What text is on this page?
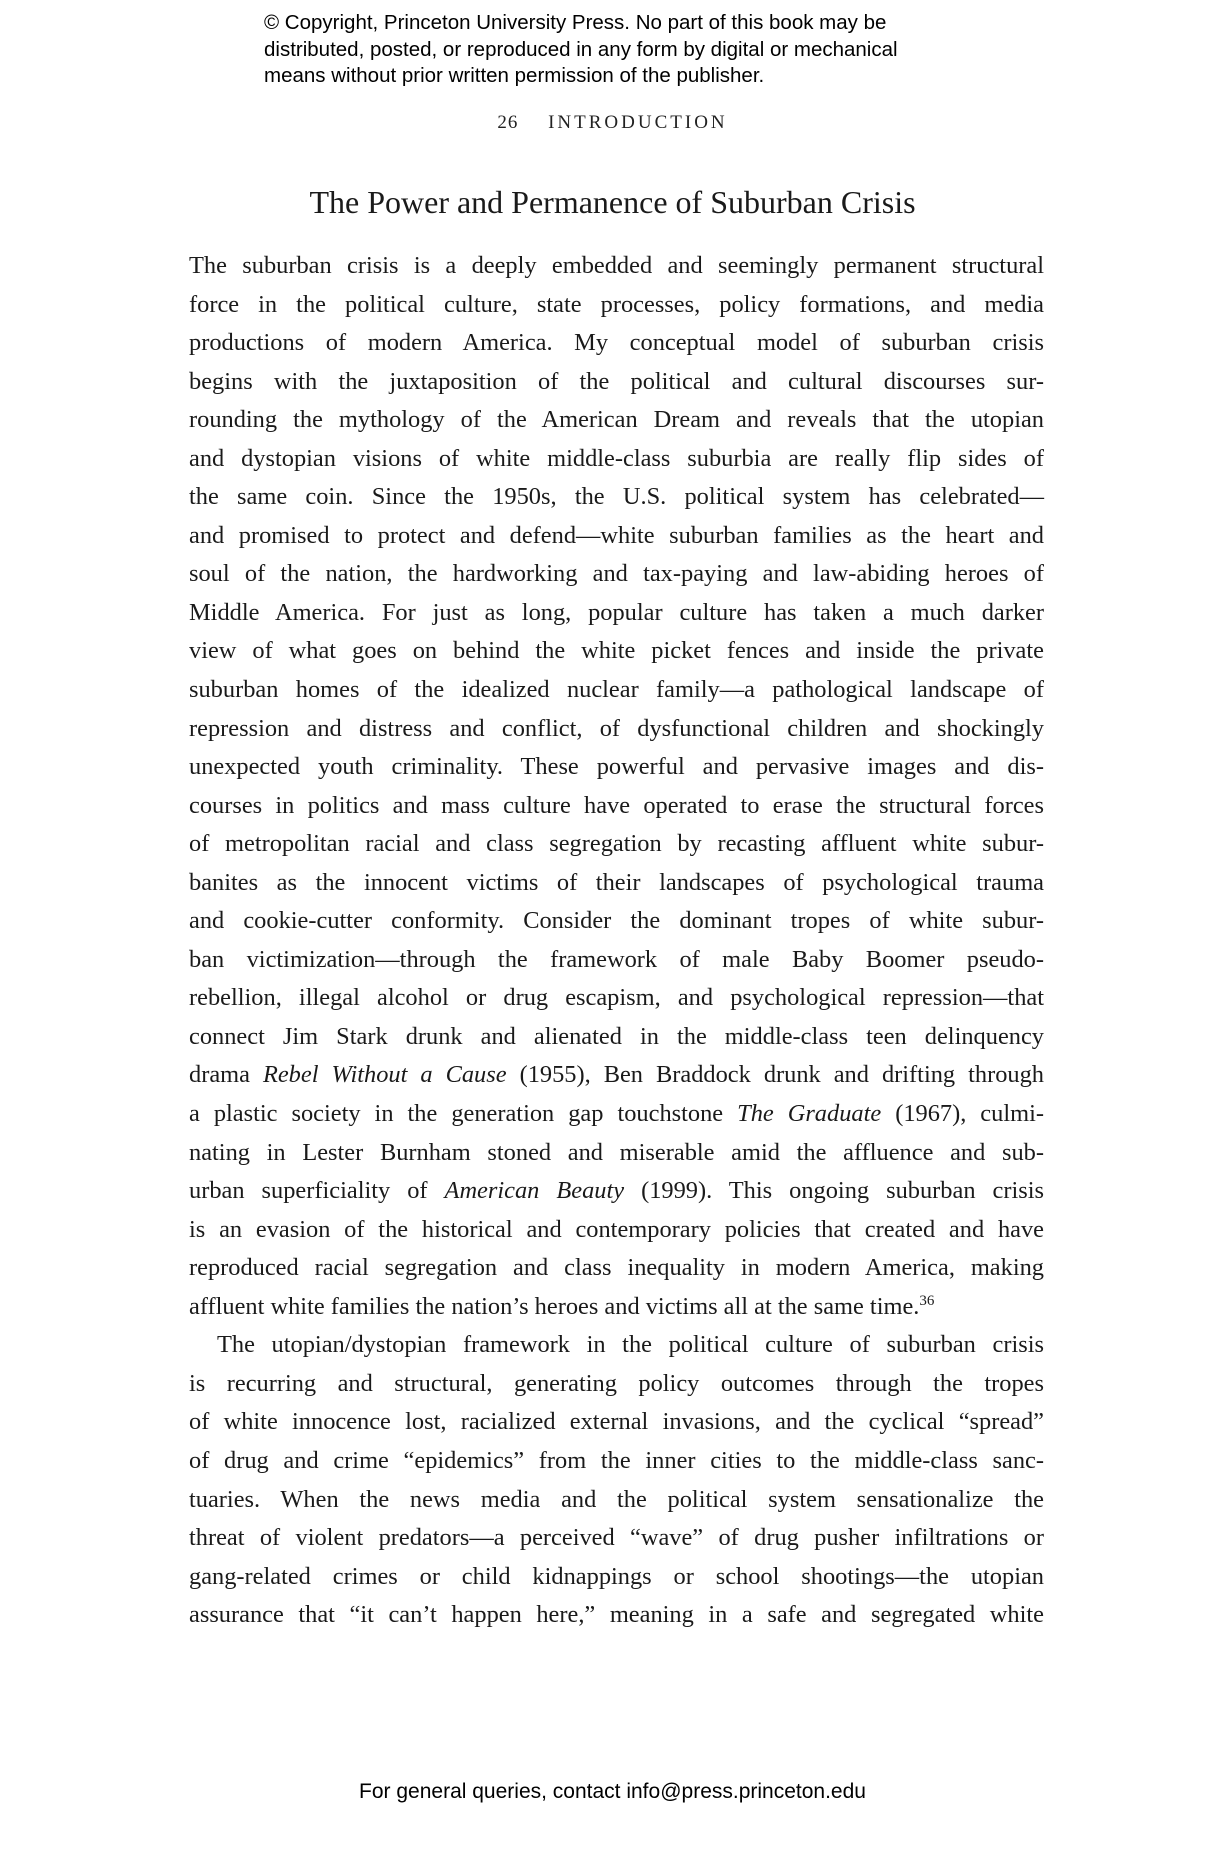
© Copyright, Princeton University Press. No part of this book may be
distributed, posted, or reproduced in any form by digital or mechanical
means without prior written permission of the publisher.
26 INTRODUCTION
The Power and Permanence of Suburban Crisis
The suburban crisis is a deeply embedded and seemingly permanent structural
force in the political culture, state processes, policy formations, and media
productions of modern America. My conceptual model of suburban crisis
begins with the juxtaposition of the political and cultural discourses sur-
rounding the mythology of the American Dream and reveals that the utopian
and dystopian visions of white middle-class suburbia are really flip sides of
the same coin. Since the 1950s, the U.S. political system has celebrated—
and promised to protect and defend—white suburban families as the heart and
soul of the nation, the hardworking and tax-paying and law-abiding heroes of
Middle America. For just as long, popular culture has taken a much darker
view of what goes on behind the white picket fences and inside the private
suburban homes of the idealized nuclear family—a pathological landscape of
repression and distress and conflict, of dysfunctional children and shockingly
unexpected youth criminality. These powerful and pervasive images and dis-
courses in politics and mass culture have operated to erase the structural forces
of metropolitan racial and class segregation by recasting affluent white subur-
banites as the innocent victims of their landscapes of psychological trauma
and cookie-cutter conformity. Consider the dominant tropes of white subur-
ban victimization—through the framework of male Baby Boomer pseudo-
rebellion, illegal alcohol or drug escapism, and psychological repression—that
connect Jim Stark drunk and alienated in the middle-class teen delinquency
drama Rebel Without a Cause (1955), Ben Braddock drunk and drifting through
a plastic society in the generation gap touchstone The Graduate (1967), culmi-
nating in Lester Burnham stoned and miserable amid the affluence and sub-
urban superficiality of American Beauty (1999). This ongoing suburban crisis
is an evasion of the historical and contemporary policies that created and have
reproduced racial segregation and class inequality in modern America, making
affluent white families the nation’s heroes and victims all at the same time.$^{36}$
The utopian/dystopian framework in the political culture of suburban crisis
is recurring and structural, generating policy outcomes through the tropes
of white innocence lost, racialized external invasions, and the cyclical “spread”
of drug and crime “epidemics” from the inner cities to the middle-class sanc-
tuaries. When the news media and the political system sensationalize the
threat of violent predators—a perceived “wave” of drug pusher infiltrations or
gang-related crimes or child kidnappings or school shootings—the utopian
assurance that “it can’t happen here,” meaning in a safe and segregated white
For general queries, contact info@press.princeton.edu
